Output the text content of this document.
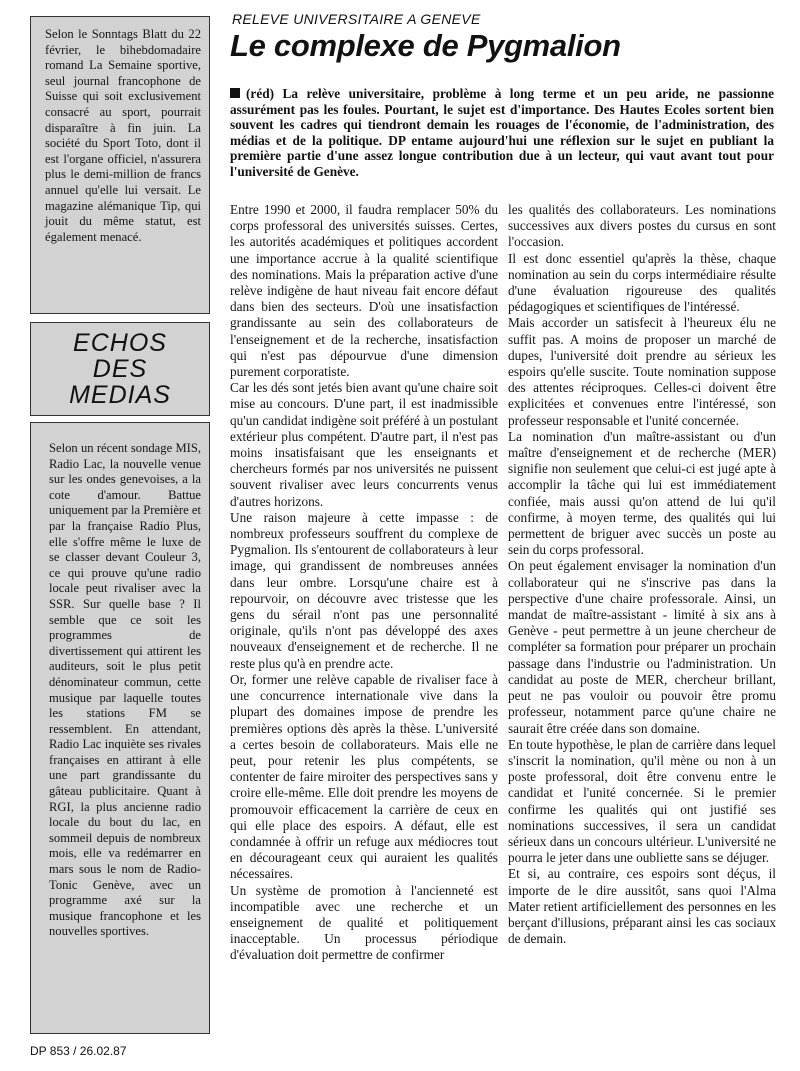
Selon le Sonntags Blatt du 22 février, le bihebdomadaire romand La Semaine sportive, seul journal francophone de Suisse qui soit exclusivement consacré au sport, pourrait disparaître à fin juin. La société du Sport Toto, dont il est l'organe officiel, n'assurera plus le demi-million de francs annuel qu'elle lui versait. Le magazine alémanique Tip, qui jouit du même statut, est également menacé.

ECHOS
DES
MEDIAS

Selon un récent sondage MIS, Radio Lac, la nouvelle venue sur les ondes genevoises, a la cote d'amour. Battue uniquement par la Première et par la française Radio Plus, elle s'offre même le luxe de se classer devant Couleur 3, ce qui prouve qu'une radio locale peut rivaliser avec la SSR. Sur quelle base ? Il semble que ce soit les programmes de divertissement qui attirent les auditeurs, soit le plus petit dénominateur commun, cette musique par laquelle toutes les stations FM se ressemblent. En attendant, Radio Lac inquiète ses rivales françaises en attirant à elle une part grandissante du gâteau publicitaire. Quant à RGI, la plus ancienne radio locale du bout du lac, en sommeil depuis de nombreux mois, elle va redémarrer en mars sous le nom de Radio-Tonic Genève, avec un programme axé sur la musique francophone et les nouvelles sportives.

RELEVE UNIVERSITAIRE A GENEVE
Le complexe de Pygmalion

(réd) La relève universitaire, problème à long terme et un peu aride, ne passionne assurément pas les foules. Pourtant, le sujet est d'importance. Des Hautes Ecoles sortent bien souvent les cadres qui tiendront demain les rouages de l'économie, de l'administration, des médias et de la politique. DP entame aujourd'hui une réflexion sur le sujet en publiant la première partie d'une assez longue contribution due à un lecteur, qui vaut avant tout pour l'université de Genève.

Entre 1990 et 2000, il faudra remplacer 50% du corps professoral des universités suisses. Certes, les autorités académiques et politiques accordent une importance accrue à la qualité scientifique des nominations. Mais la préparation active d'une relève indigène de haut niveau fait encore défaut dans bien des secteurs. D'où une insatisfaction grandissante au sein des collaborateurs de l'enseignement et de la recherche, insatisfaction qui n'est pas dépourvue d'une dimension purement corporatiste.
Car les dés sont jetés bien avant qu'une chaire soit mise au concours. D'une part, il est inadmissible qu'un candidat indigène soit préféré à un postulant extérieur plus compétent. D'autre part, il n'est pas moins insatisfaisant que les enseignants et chercheurs formés par nos universités ne puissent souvent rivaliser avec leurs concurrents venus d'autres horizons.
Une raison majeure à cette impasse : de nombreux professeurs souffrent du complexe de Pygmalion. Ils s'entourent de collaborateurs à leur image, qui grandissent de nombreuses années dans leur ombre. Lorsqu'une chaire est à repourvoir, on découvre avec tristesse que les gens du sérail n'ont pas une personnalité originale, qu'ils n'ont pas développé des axes nouveaux d'enseignement et de recherche. Il ne reste plus qu'à en prendre acte.
Or, former une relève capable de rivaliser face à une concurrence internationale vive dans la plupart des domaines impose de prendre les premières options dès après la thèse. L'université a certes besoin de collaborateurs. Mais elle ne peut, pour retenir les plus compétents, se contenter de faire miroiter des perspectives sans y croire elle-même. Elle doit prendre les moyens de promouvoir efficacement la carrière de ceux en qui elle place des espoirs. A défaut, elle est condamnée à offrir un refuge aux médiocres tout en décourageant ceux qui auraient les qualités nécessaires.
Un système de promotion à l'ancienneté est incompatible avec une recherche et un enseignement de qualité et politiquement inacceptable. Un processus périodique d'évaluation doit permettre de confirmer

les qualités des collaborateurs. Les nominations successives aux divers postes du cursus en sont l'occasion.
Il est donc essentiel qu'après la thèse, chaque nomination au sein du corps intermédiaire résulte d'une évaluation rigoureuse des qualités pédagogiques et scientifiques de l'intéressé.
Mais accorder un satisfecit à l'heureux élu ne suffit pas. A moins de proposer un marché de dupes, l'université doit prendre au sérieux les espoirs qu'elle suscite. Toute nomination suppose des attentes réciproques. Celles-ci doivent être explicitées et convenues entre l'intéressé, son professeur responsable et l'unité concernée.
La nomination d'un maître-assistant ou d'un maître d'enseignement et de recherche (MER) signifie non seulement que celui-ci est jugé apte à accomplir la tâche qui lui est immédiatement confiée, mais aussi qu'on attend de lui qu'il confirme, à moyen terme, des qualités qui lui permettent de briguer avec succès un poste au sein du corps professoral.
On peut également envisager la nomination d'un collaborateur qui ne s'inscrive pas dans la perspective d'une chaire professorale. Ainsi, un mandat de maître-assistant - limité à six ans à Genève - peut permettre à un jeune chercheur de compléter sa formation pour préparer un prochain passage dans l'industrie ou l'administration. Un candidat au poste de MER, chercheur brillant, peut ne pas vouloir ou pouvoir être promu professeur, notamment parce qu'une chaire ne saurait être créée dans son domaine.
En toute hypothèse, le plan de carrière dans lequel s'inscrit la nomination, qu'il mène ou non à un poste professoral, doit être convenu entre le candidat et l'unité concernée. Si le premier confirme les qualités qui ont justifié ses nominations successives, il sera un candidat sérieux dans un concours ultérieur. L'université ne pourra le jeter dans une oubliette sans se déjuger.
Et si, au contraire, ces espoirs sont déçus, il importe de le dire aussitôt, sans quoi l'Alma Mater retient artificiellement des personnes en les berçant d'illusions, préparant ainsi les cas sociaux de demain.

DP 853 / 26.02.87
